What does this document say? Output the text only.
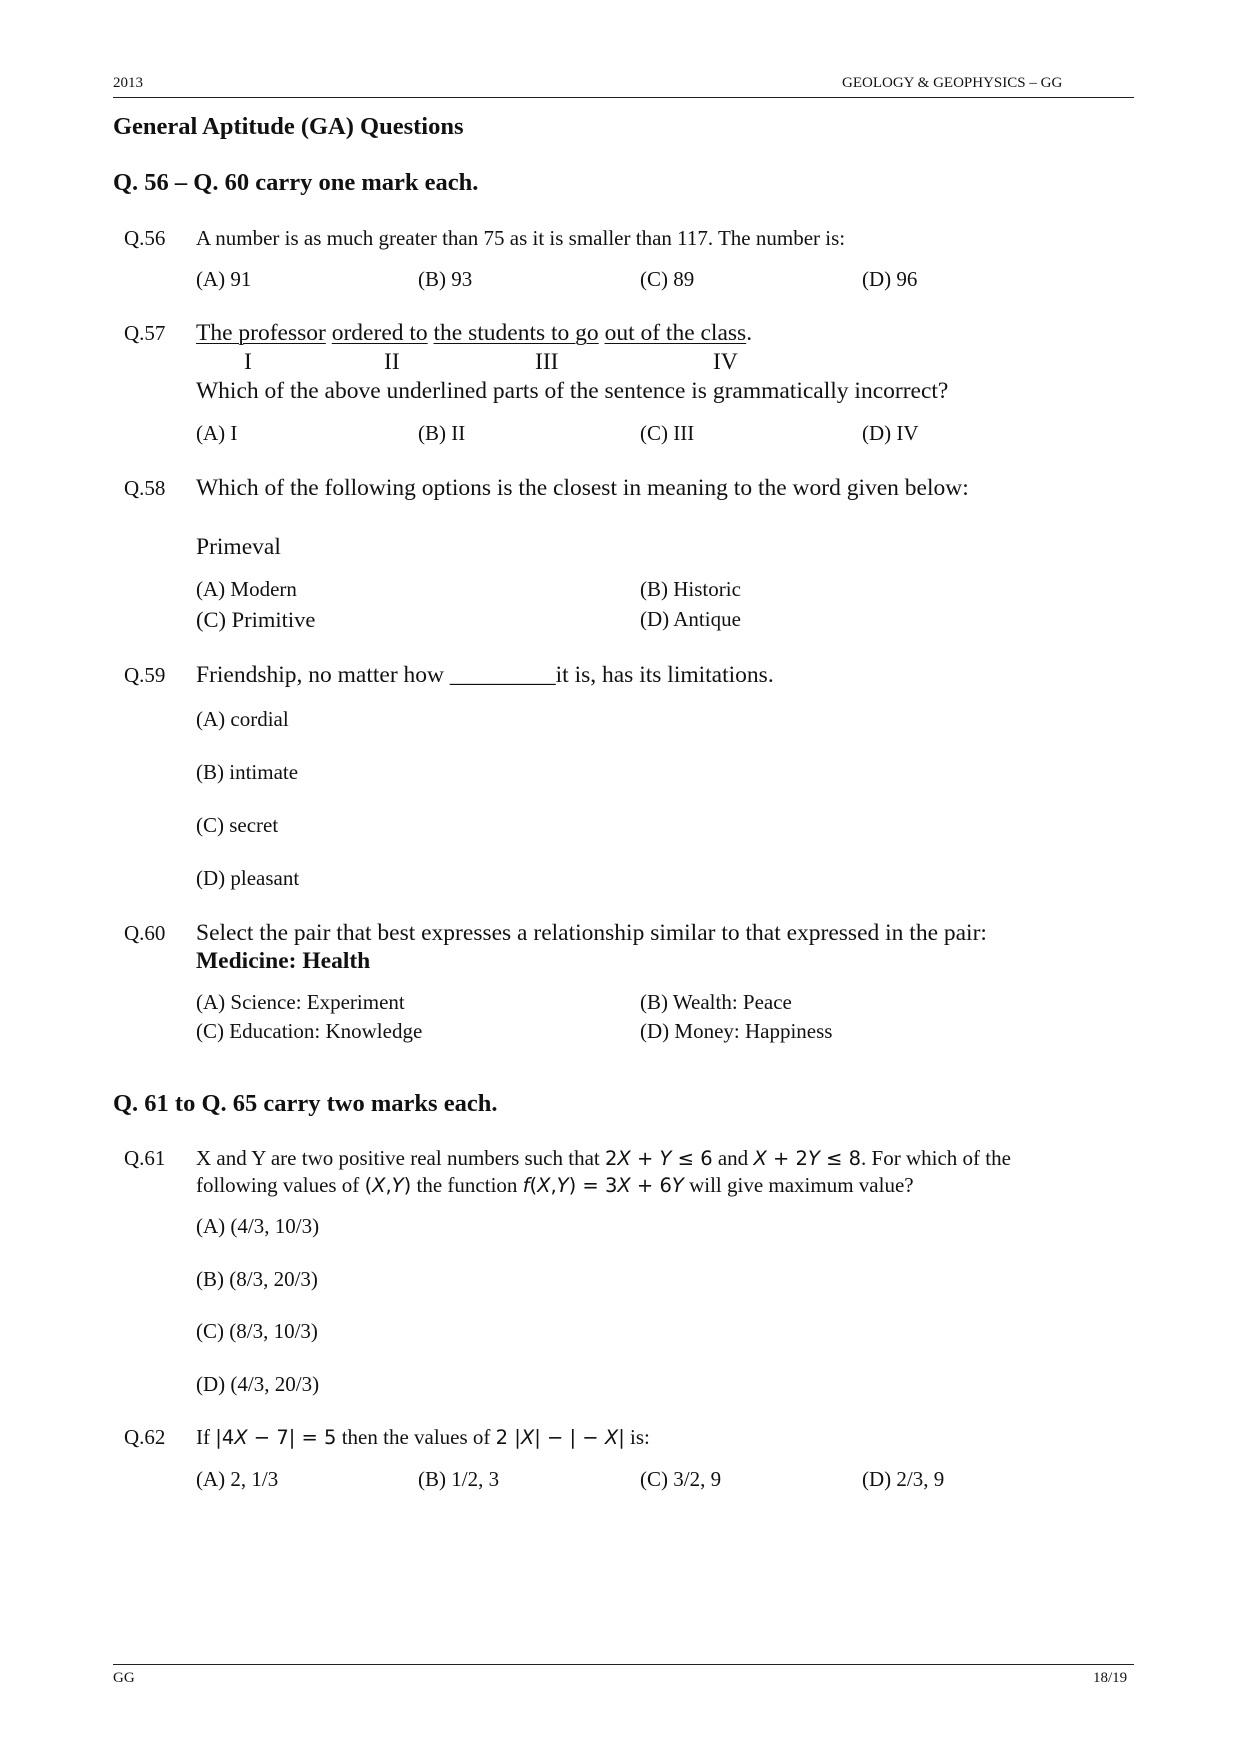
2013	GEOLOGY & GEOPHYSICS – GG
General Aptitude (GA) Questions
Q. 56 – Q. 60 carry one mark each.
Q.56 A number is as much greater than 75 as it is smaller than 117. The number is:
(A) 91	(B) 93	(C) 89	(D) 96
Q.57 The professor ordered to the students to go out of the class.
I	II	III	IV
Which of the above underlined parts of the sentence is grammatically incorrect?
(A) I	(B) II	(C) III	(D) IV
Q.58 Which of the following options is the closest in meaning to the word given below:
Primeval
(A) Modern	(B) Historic
(C) Primitive	(D) Antique
Q.59 Friendship, no matter how _________it is, has its limitations.
(A) cordial
(B) intimate
(C) secret
(D) pleasant
Q.60 Select the pair that best expresses a relationship similar to that expressed in the pair:
Medicine: Health
(A) Science: Experiment	(B) Wealth: Peace
(C) Education: Knowledge	(D) Money: Happiness
Q. 61 to Q. 65 carry two marks each.
Q.61 X and Y are two positive real numbers such that 2X + Y ≤ 6 and X + 2Y ≤ 8. For which of the
following values of (X,Y) the function f(X,Y) = 3X + 6Y will give maximum value?
(A) (4/3, 10/3)
(B) (8/3, 20/3)
(C) (8/3, 10/3)
(D) (4/3, 20/3)
Q.62 If |4X − 7| = 5 then the values of 2 |X| − | − X| is:
(A) 2, 1/3	(B) 1/2, 3	(C) 3/2, 9	(D) 2/3, 9
GG	18/19
